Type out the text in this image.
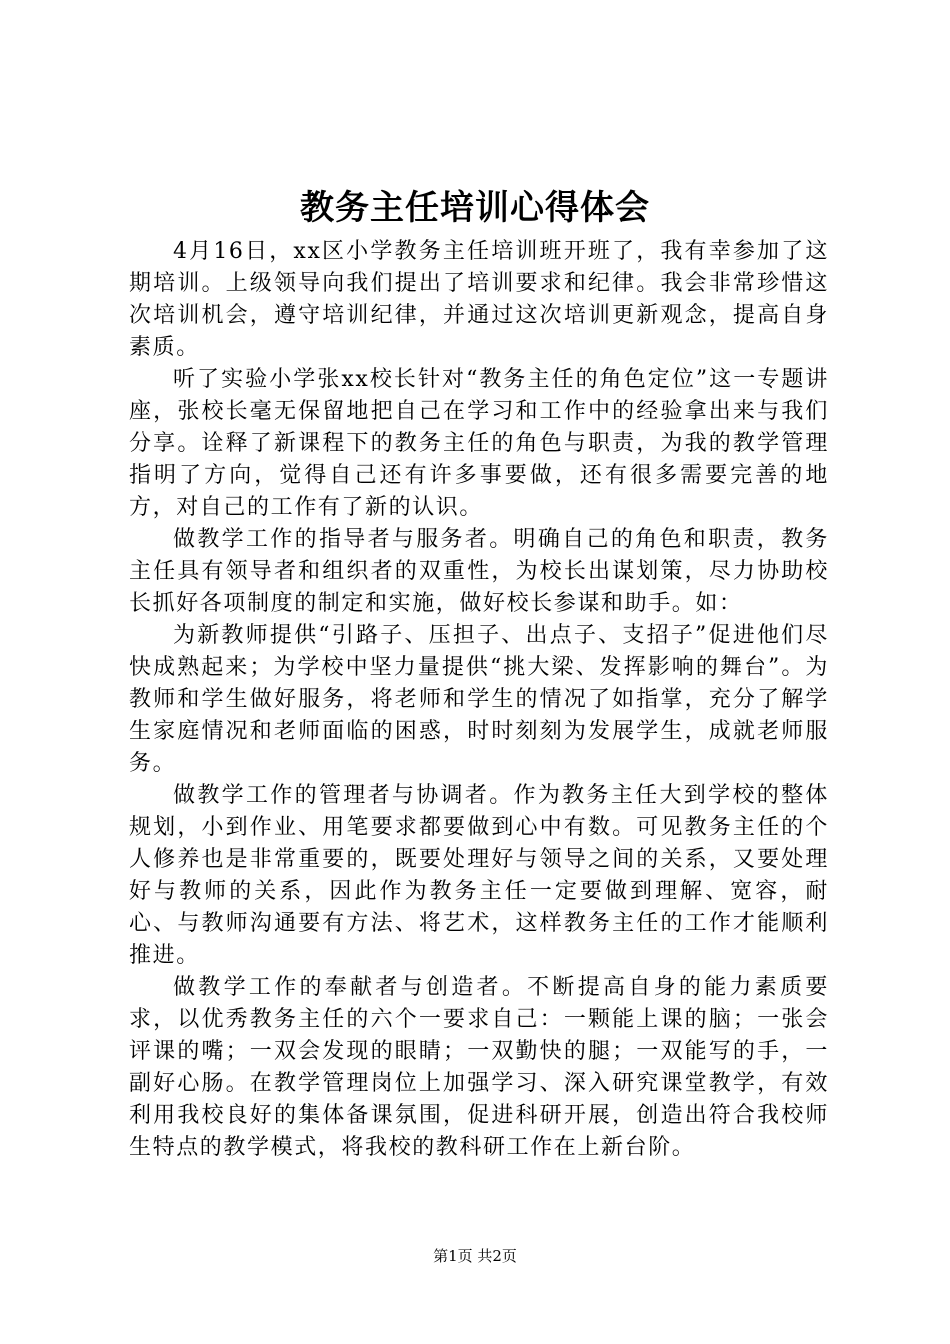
教务主任培训心得体会

4月16日，xx区小学教务主任培训班开班了，我有幸参加了这期培训。上级领导向我们提出了培训要求和纪律。我会非常珍惜这次培训机会，遵守培训纪律，并通过这次培训更新观念，提高自身素质。

听了实验小学张xx校长针对“教务主任的角色定位”这一专题讲座，张校长毫无保留地把自己在学习和工作中的经验拿出来与我们分享。诠释了新课程下的教务主任的角色与职责，为我的教学管理指明了方向，觉得自己还有许多事要做，还有很多需要完善的地方，对自己的工作有了新的认识。

做教学工作的指导者与服务者。明确自己的角色和职责，教务主任具有领导者和组织者的双重性，为校长出谋划策，尽力协助校长抓好各项制度的制定和实施，做好校长参谋和助手。如：

为新教师提供“引路子、压担子、出点子、支招子”促进他们尽快成熟起来；为学校中坚力量提供“挑大梁、发挥影响的舞台”。为教师和学生做好服务，将老师和学生的情况了如指掌，充分了解学生家庭情况和老师面临的困惑，时时刻刻为发展学生，成就老师服务。

做教学工作的管理者与协调者。作为教务主任大到学校的整体规划，小到作业、用笔要求都要做到心中有数。可见教务主任的个人修养也是非常重要的，既要处理好与领导之间的关系，又要处理好与教师的关系，因此作为教务主任一定要做到理解、宽容，耐心、与教师沟通要有方法、将艺术，这样教务主任的工作才能顺利推进。

做教学工作的奉献者与创造者。不断提高自身的能力素质要求，以优秀教务主任的六个一要求自己：一颗能上课的脑；一张会评课的嘴；一双会发现的眼睛；一双勤快的腿；一双能写的手，一副好心肠。在教学管理岗位上加强学习、深入研究课堂教学，有效利用我校良好的集体备课氛围，促进科研开展，创造出符合我校师生特点的教学模式，将我校的教科研工作在上新台阶。

第1页 共2页
